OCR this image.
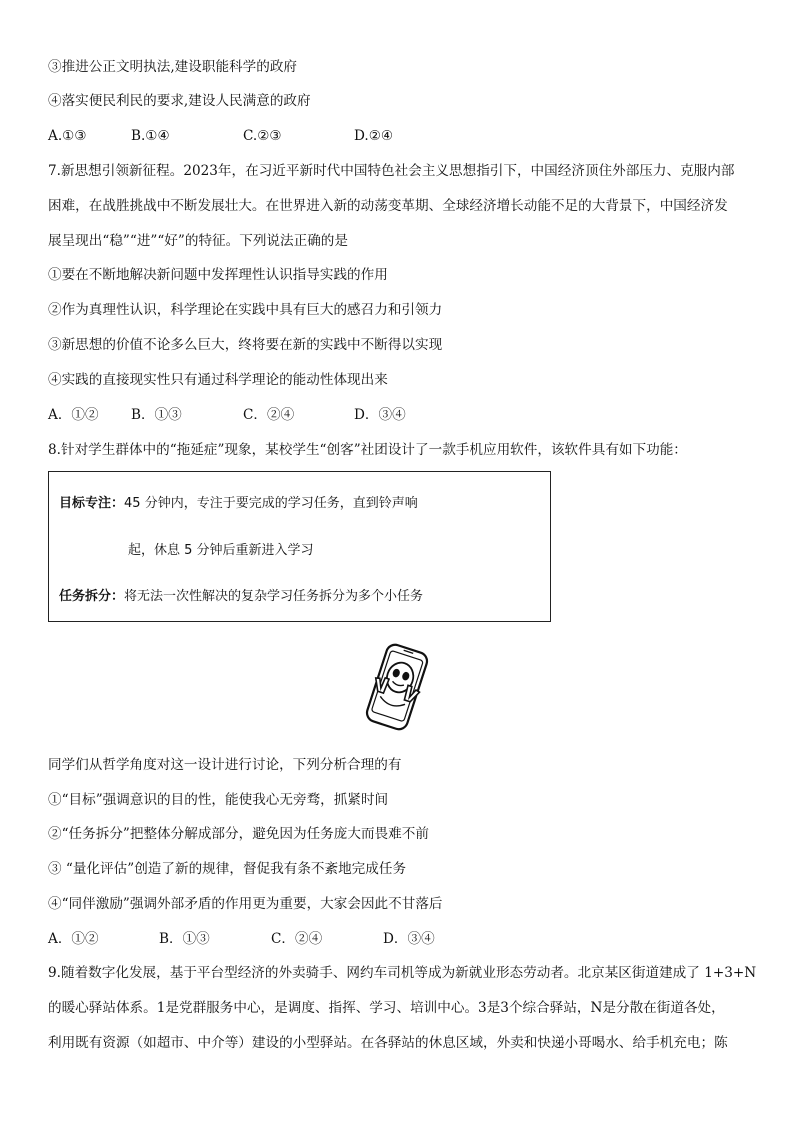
③推进公正文明执法,建设职能科学的政府
④落实便民利民的要求,建设人民满意的政府
A.①③	B.①④	C.②③	D.②④
7.新思想引领新征程。2023年，在习近平新时代中国特色社会主义思想指引下，中国经济顶住外部压力、克服内部
困难，在战胜挑战中不断发展壮大。在世界进入新的动荡变革期、全球经济增长动能不足的大背景下，中国经济发
展呈现出“稳”“进”“好”的特征。下列说法正确的是
①要在不断地解决新问题中发挥理性认识指导实践的作用
②作为真理性认识，科学理论在实践中具有巨大的感召力和引领力
③新思想的价值不论多么巨大，终将要在新的实践中不断得以实现
④实践的直接现实性只有通过科学理论的能动性体现出来
A．①② B．①③	C．②④	D．③④
8.针对学生群体中的“拖延症”现象，某校学生“创客”社团设计了一款手机应用软件，该软件具有如下功能：
目标专注：45 分钟内，专注于要完成的学习任务，直到铃声响
起，休息 5 分钟后重新进入学习
任务拆分：将无法一次性解决的复杂学习任务拆分为多个小任务
同学们从哲学角度对这一设计进行讨论，下列分析合理的有
①“目标”强调意识的目的性，能使我心无旁骛，抓紧时间
②“任务拆分”把整体分解成部分，避免因为任务庞大而畏难不前
③ “量化评估”创造了新的规律，督促我有条不紊地完成任务
④“同伴激励”强调外部矛盾的作用更为重要，大家会因此不甘落后
A．①②	B．①③	C．②④	D．③④
9.随着数字化发展，基于平台型经济的外卖骑手、网约车司机等成为新就业形态劳动者。北京某区街道建成了 1+3+N
的暖心驿站体系。1是党群服务中心，是调度、指挥、学习、培训中心。3是3个综合驿站，N是分散在街道各处，
利用既有资源（如超市、中介等）建设的小型驿站。在各驿站的休息区域，外卖和快递小哥喝水、给手机充电；陈
